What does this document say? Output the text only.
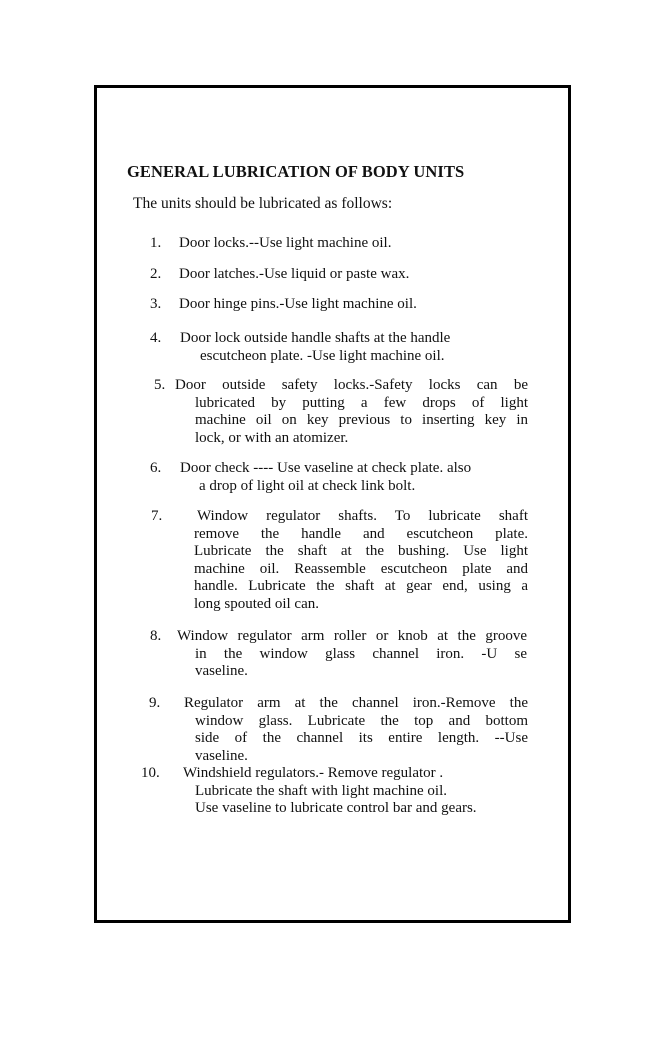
GENERAL LUBRICATION OF BODY UNITS
The units should be lubricated as follows:
1. Door locks.--Use light machine oil.
2. Door latches.-Use liquid or paste wax.
3. Door hinge pins.-Use light machine oil.
4. Door lock outside handle shafts at the handle
escutcheon plate. -Use light machine oil.
5. Door outside safety locks.-Safety locks can be
lubricated by putting a few drops of light
machine oil on key previous to inserting key in
lock, or with an atomizer.
6. Door check ---- Use vaseline at check plate. also
a drop of light oil at check link bolt.
7. Window regulator shafts. To lubricate shaft
remove the handle and escutcheon plate.
Lubricate the shaft at the bushing. Use light
machine oil. Reassemble escutcheon plate and
handle. Lubricate the shaft at gear end, using a
long spouted oil can.
8. Window regulator arm roller or knob at the groove
in the window glass channel iron. -U se
vaseline.
9. Regulator arm at the channel iron.-Remove the
window glass. Lubricate the top and bottom
side of the channel its entire length. --Use
vaseline.
10. Windshield regulators.- Remove regulator .
Lubricate the shaft with light machine oil.
Use vaseline to lubricate control bar and gears.
